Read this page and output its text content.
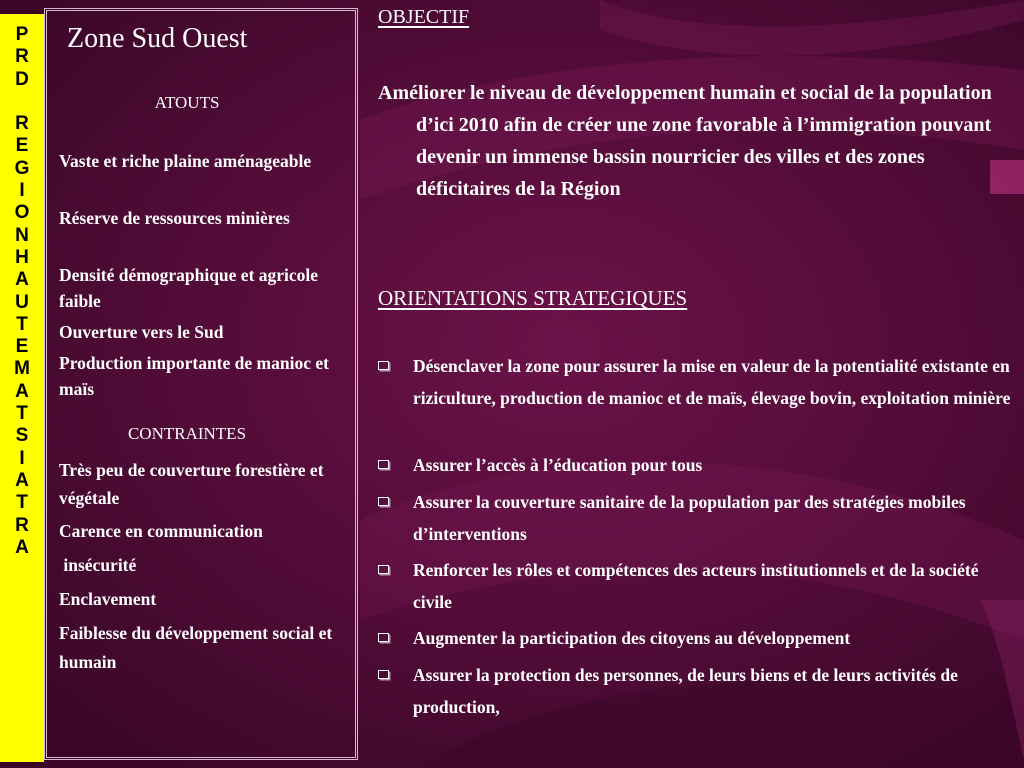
P
R
D
R
E
G
I
O
N
H
A
U
T
E
M
A
T
S
I
A
T
R
A
Zone Sud Ouest
ATOUTS
Vaste et riche plaine aménageable
Réserve de ressources minières
Densité démographique et agricole faible
Ouverture vers le Sud
Production importante de manioc et maïs
CONTRAINTES
Très peu de couverture forestière et végétale
Carence en communication
insécurité
Enclavement
Faiblesse du développement social et humain
OBJECTIF
Améliorer le niveau de développement humain et social de la population d’ici 2010 afin de créer une zone favorable à l’immigration pouvant devenir un immense bassin nourricier des villes et des zones déficitaires de la Région
ORIENTATIONS STRATEGIQUES
Désenclaver la zone pour assurer la mise en valeur de la potentialité existante en riziculture, production de manioc et de maïs, élevage bovin, exploitation minière
Assurer l’accès à l’éducation pour tous
Assurer la couverture sanitaire de la population par des stratégies mobiles d’interventions
Renforcer les rôles et compétences des acteurs institutionnels et de la société civile
Augmenter la participation des citoyens au développement
Assurer la protection des personnes, de leurs biens et de leurs activités de production,
